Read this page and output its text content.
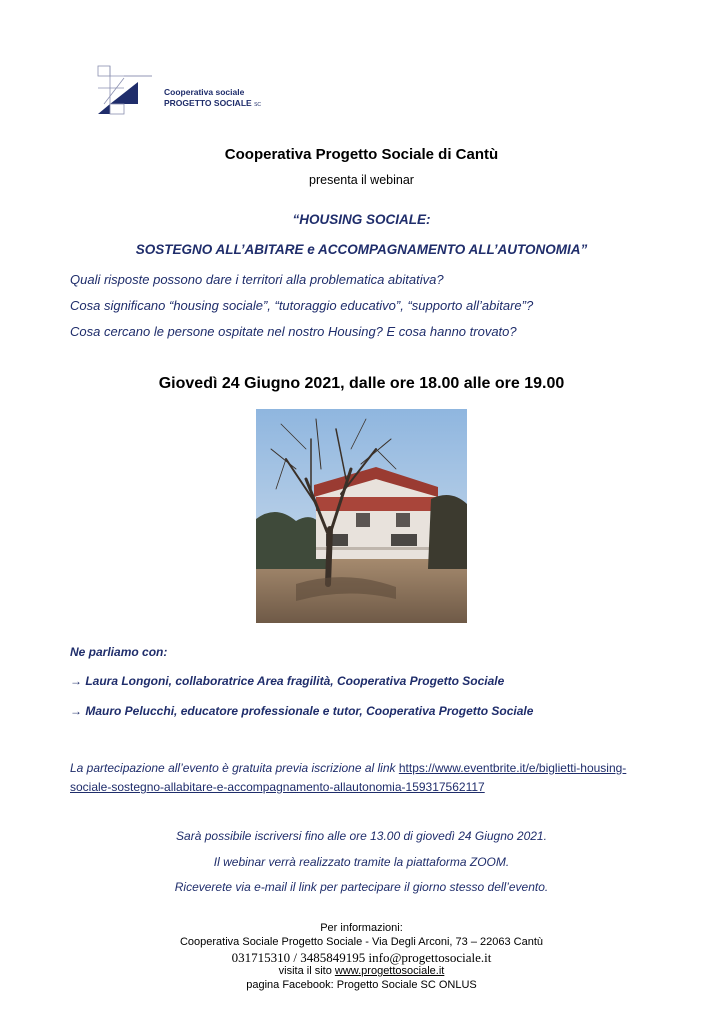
Cooperativa sociale
PROGETTO SOCIALE SC
Cooperativa Progetto Sociale di Cantù
presenta il webinar
“HOUSING SOCIALE:
SOSTEGNO ALL’ABITARE e ACCOMPAGNAMENTO ALL’AUTONOMIA”
Quali risposte possono dare i territori alla problematica abitativa?
Cosa significano “housing sociale”, “tutoraggio educativo”, “supporto all’abitare”?
Cosa cercano le persone ospitate nel nostro Housing? E cosa hanno trovato?
Giovedì 24 Giugno 2021, dalle ore 18.00 alle ore 19.00
Ne parliamo con:
→ Laura Longoni, collaboratrice Area fragilità, Cooperativa Progetto Sociale
→ Mauro Pelucchi, educatore professionale e tutor, Cooperativa Progetto Sociale
La partecipazione all’evento è gratuita previa iscrizione al link https://www.eventbrite.it/e/biglietti-housing-sociale-sostegno-allabitare-e-accompagnamento-allautonomia-159317562117
Sarà possibile iscriversi fino alle ore 13.00 di giovedì 24 Giugno 2021.
Il webinar verrà realizzato tramite la piattaforma ZOOM.
Riceverete via e-mail il link per partecipare il giorno stesso dell’evento.
Per informazioni:
Cooperativa Sociale Progetto Sociale - Via Degli Arconi, 73 – 22063 Cantù
031715310 / 3485849195 info@progettosociale.it
visita il sito www.progettosociale.it
pagina Facebook: Progetto Sociale SC ONLUS
